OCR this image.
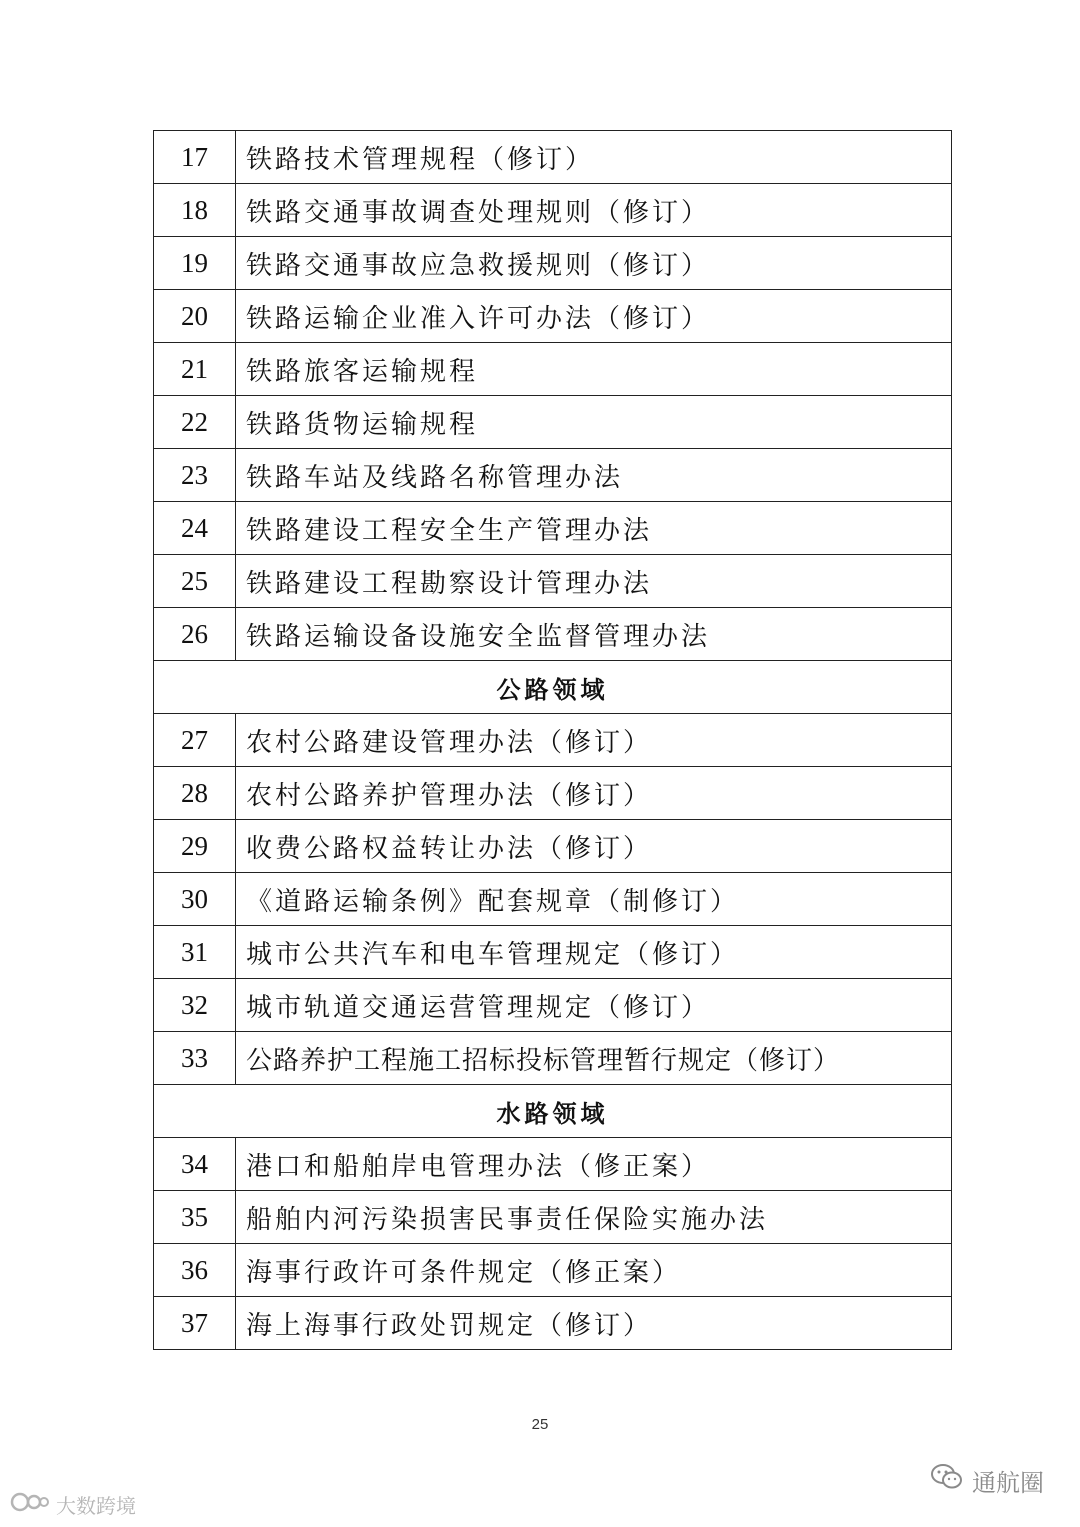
17	铁路技术管理规程（修订）
18	铁路交通事故调查处理规则（修订）
19	铁路交通事故应急救援规则（修订）
20	铁路运输企业准入许可办法（修订）
21	铁路旅客运输规程
22	铁路货物运输规程
23	铁路车站及线路名称管理办法
24	铁路建设工程安全生产管理办法
25	铁路建设工程勘察设计管理办法
26	铁路运输设备设施安全监督管理办法
公路领域	
27	农村公路建设管理办法（修订）
28	农村公路养护管理办法（修订）
29	收费公路权益转让办法（修订）
30	《道路运输条例》配套规章（制修订）
31	城市公共汽车和电车管理规定（修订）
32	城市轨道交通运营管理规定（修订）
33	公路养护工程施工招标投标管理暂行规定（修订）
水路领域	
34	港口和船舶岸电管理办法（修正案）
35	船舶内河污染损害民事责任保险实施办法
36	海事行政许可条件规定（修正案）
37	海上海事行政处罚规定（修订）
25
通航圈
大数跨境
